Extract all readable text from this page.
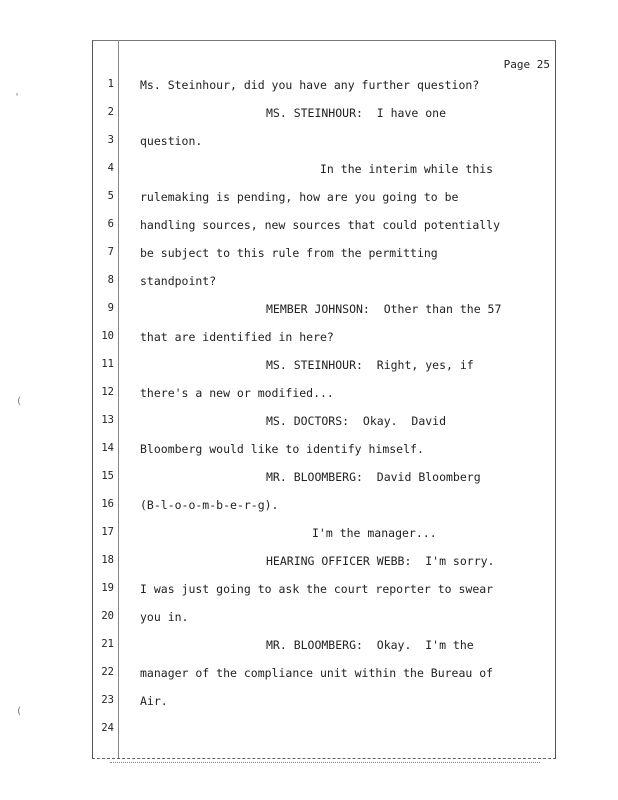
'
(
(
Page 25
1 Ms. Steinhour, did you have any further question?
2	MS. STEINHOUR:  I have one
3 question.
4	In the interim while this
5 rulemaking is pending, how are you going to be
6 handling sources, new sources that could potentially
7 be subject to this rule from the permitting
8 standpoint?
9	MEMBER JOHNSON:  Other than the 57
10 that are identified in here?
11	MS. STEINHOUR:  Right, yes, if
12 there's a new or modified...
13	MS. DOCTORS:  Okay.  David
14 Bloomberg would like to identify himself.
15	MR. BLOOMBERG:  David Bloomberg
16 (B-l-o-o-m-b-e-r-g).
17	I'm the manager...
18	HEARING OFFICER WEBB:  I'm sorry.
19 I was just going to ask the court reporter to swear
20 you in.
21	MR. BLOOMBERG:  Okay.  I'm the
22 manager of the compliance unit within the Bureau of
23 Air.
24
